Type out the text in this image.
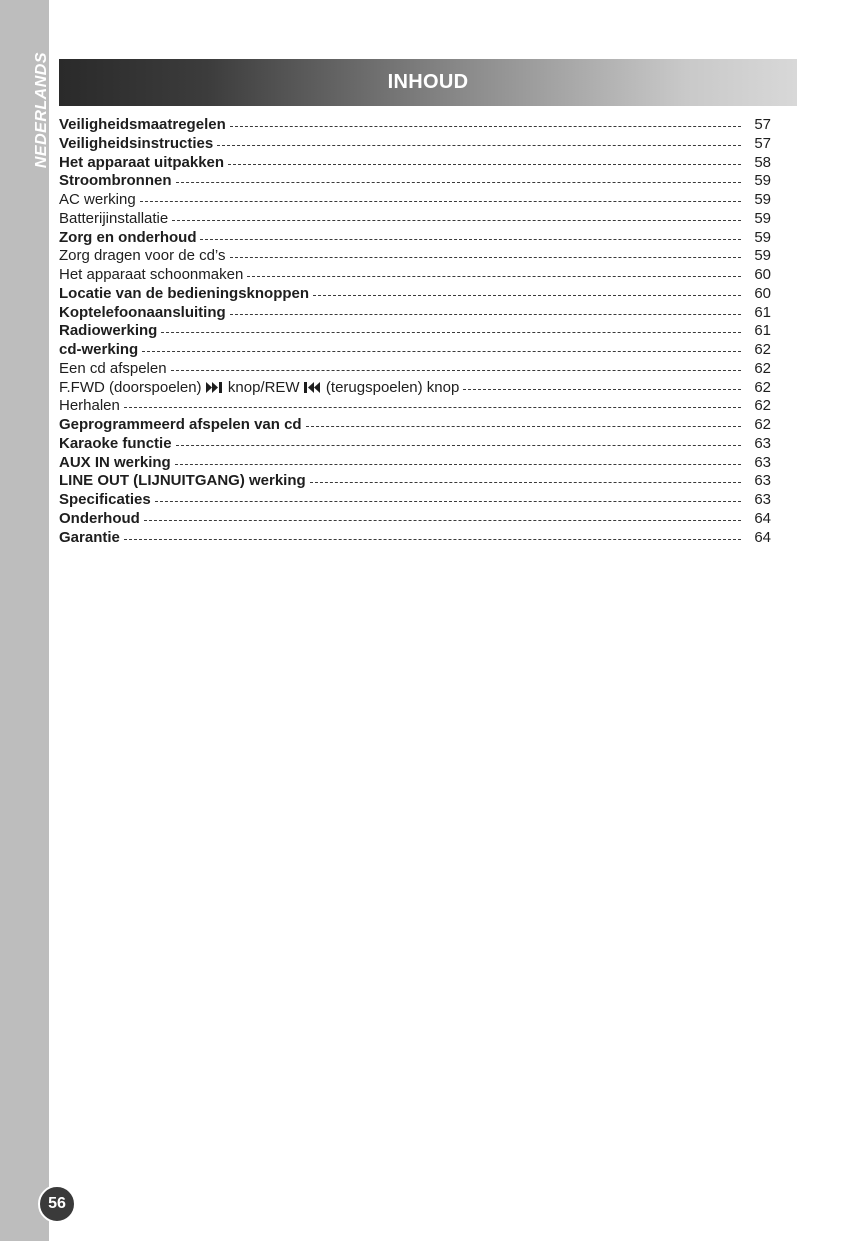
NEDERLANDS
56
INHOUD
Veiligheidsmaatregelen	57
Veiligheidsinstructies	57
Het apparaat uitpakken	58
Stroombronnen	59
AC werking	59
Batterijinstallatie	59
Zorg en onderhoud	59
Zorg dragen voor de cd’s	59
Het apparaat schoonmaken	60
Locatie van de bedieningsknoppen	60
Koptelefoonaansluiting	61
Radiowerking	61
cd-werking	62
Een cd afspelen	62
F.FWD (doorspoelen)  knop/REW  (terugspoelen) knop	62
Herhalen	62
Geprogrammeerd afspelen van cd	62
Karaoke functie	63
AUX IN werking	63
LINE OUT (LIJNUITGANG) werking	63
Specificaties	63
Onderhoud	64
Garantie	64
